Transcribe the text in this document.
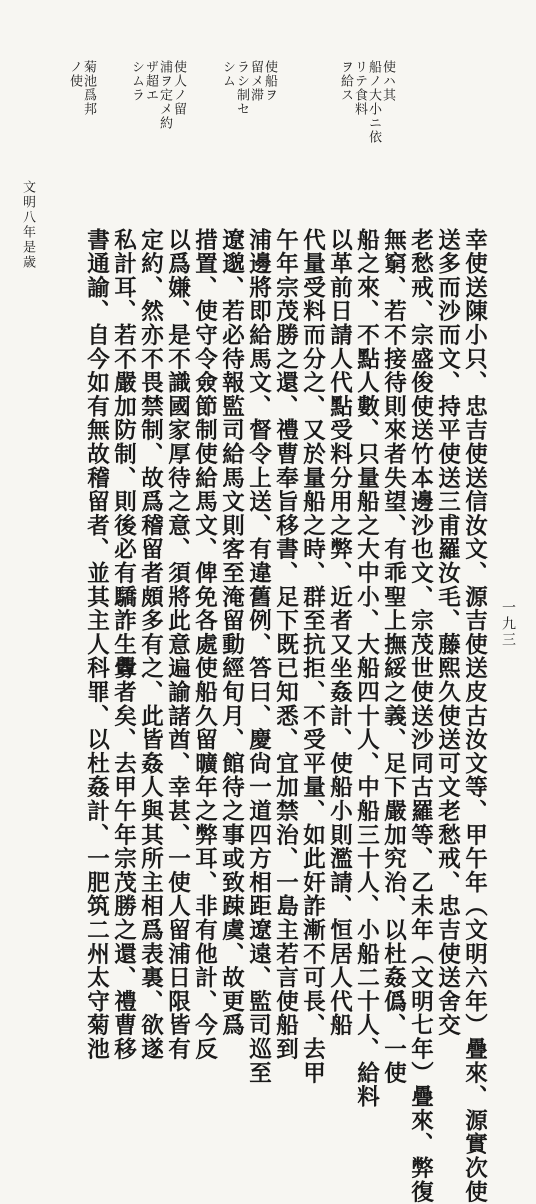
使ハ其
船ノ大小ニ依
リテ食料
ヲ給ス
使船ヲ
留メ滞
ラシ制セ
シム
使人ノ留
浦ヲ定メ約
ザ超エ
シムラ
菊池爲邦
ノ使
文明八年是歳
一九三
幸使送陳小只、忠吉使送信汝文、源吉使送皮古汝文等、甲午年（文明六年）疊來、源實次使
送多而沙而文、持平使送三甫羅汝毛、藤熙久使送可文老愁戒、忠吉使送舍交
老愁戒、宗盛俊使送竹本邊沙也文、宗茂世使送沙同古羅等、乙未年（文明七年）疊來、弊復
無窮、若不接待則來者失望、有乖聖上撫綏之義、足下嚴加究治、以杜姦僞、一使
船之來、不點人數、只量船之大中小、大船四十人、中船三十人、小船二十人、給料
以革前日請人代點受料分用之弊、近者又坐姦計、使船小則濫請、恒居人代船
代量受料而分之、又於量船之時、群至抗拒、不受平量、如此奸詐漸不可長、去甲
午年宗茂勝之還、禮曹奉旨移書、足下既已知悉、宜加禁治、一島主若言使船到
浦邊將即給馬文、督令上送、有違舊例、答曰、慶尙一道四方相距遼遠、監司巡至
遼邈、若必待報監司給馬文則客至淹留動經旬月、館待之事或致踈虞、故更爲
措置、使守令僉節制使給馬文、俾免各處使船久留曠年之弊耳、非有他計、今反
以爲嫌、是不識國家厚待之意、須將此意遍諭諸酋、幸甚、一使人留浦日限皆有
定約、然亦不畏禁制、故爲稽留者頗多有之、此皆姦人與其所主相爲表裏、欲遂
私計耳、若不嚴加防制、則後必有驕詐生釁者矣、去甲午年宗茂勝之還、禮曹移
書通諭、自今如有無故稽留者、並其主人科罪、以杜姦計、一肥筑二州太守菊池
